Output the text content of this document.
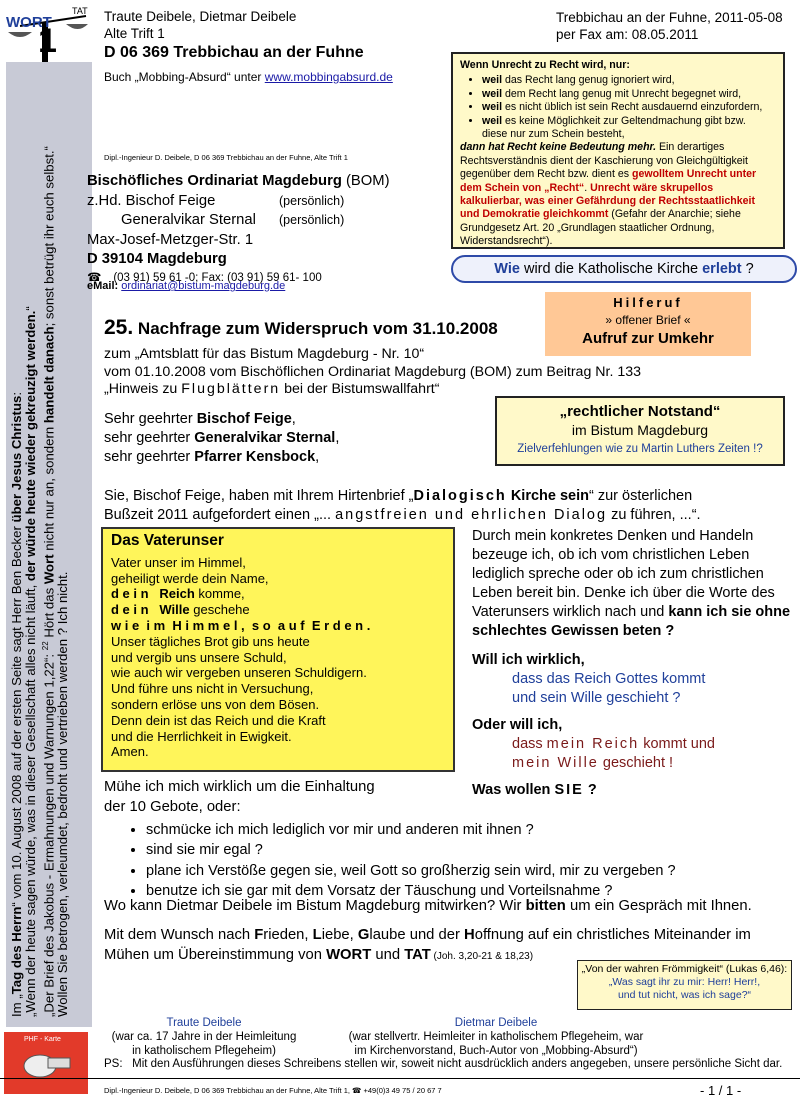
WORT
1
TAT

Im „Tag des Herrn“ vom 10. August 2008 auf der ersten Seite sagt Herr Ben Becker über Jesus Christus:

„Wenn der heute sagen würde, was in dieser Gesellschaft alles nicht läuft, der würde heute wieder gekreuzigt werden.“

„Der Brief des Jakobus - Ermahnungen und Warnungen 1,22“: $^{22}$ Hört das Wort nicht nur an, sondern handelt danach; sonst betrügt ihr euch selbst.“

Wollen Sie betrogen, verleumdet, bedroht und vertrieben werden ? Ich nicht.

PHF - Karte
Traute Deibele, Dietmar Deibele
Alte Trift 1
D 06 369 Trebbichau an der Fuhne
Buch „Mobbing-Absurd“ unter www.mobbingabsurd.de
Trebbichau an der Fuhne, 2011-05-08
per Fax am: 08.05.2011
Wenn Unrecht zu Recht wird, nur:
• weil das Recht lang genug ignoriert wird,
• weil dem Recht lang genug mit Unrecht begegnet wird,
• weil es nicht üblich ist sein Recht ausdauernd einzufordern,
• weil es keine Möglichkeit zur Geltendmachung gibt bzw.
diese nur zum Schein besteht,
dann hat Recht keine Bedeutung mehr. Ein derartiges Rechtsverständnis dient der Kaschierung von Gleichgültigkeit gegenüber dem Recht bzw. dient es gewolltem Unrecht unter dem Schein von „Recht“. Unrecht wäre skrupellos kalkulierbar, was einer Gefährdung der Rechtsstaatlichkeit und Demokratie gleichkommt (Gefahr der Anarchie; siehe Grundgesetz Art. 20 „Grundlagen staatlicher Ordnung, Widerstandsrecht“).
Wie wird die Katholische Kirche erlebt ?
Dipl.-Ingenieur D. Deibele, D 06 369 Trebbichau an der Fuhne, Alte Trift 1
Bischöfliches Ordinariat Magdeburg (BOM)
z.Hd. Bischof Feige	(persönlich)
Generalvikar Sternal (persönlich)
Max-Josef-Metzger-Str. 1
D 39104 Magdeburg
☎ (03 91) 59 61 -0; Fax: (03 91) 59 61- 100
eMail: ordinariat@bistum-magdeburg.de
Hilferuf
» offener Brief «
Aufruf zur Umkehr
25. Nachfrage zum Widerspruch vom 31.10.2008
zum „Amtsblatt für das Bistum Magdeburg - Nr. 10“
vom 01.10.2008 vom Bischöflichen Ordinariat Magdeburg (BOM) zum Beitrag Nr. 133
„Hinweis zu Flugblättern bei der Bistumswallfahrt“
„rechtlicher Notstand“
im Bistum Magdeburg
Zielverfehlungen wie zu Martin Luthers Zeiten !?
Sehr geehrter Bischof Feige,
sehr geehrter Generalvikar Sternal,
sehr geehrter Pfarrer Kensbock,
Sie, Bischof Feige, haben mit Ihrem Hirtenbrief „Dialogisch Kirche sein“ zur österlichen
Bußzeit 2011 aufgefordert einen „... angstfreien und ehrlichen Dialog zu führen, ...“.
Das Vaterunser
Vater unser im Himmel,
geheiligt werde dein Name,
d e i n Reich komme,
d e i n Wille geschehe
w i e  i m  H i m m e l ,  s o  a u f  E r d e n .
Unser tägliches Brot gib uns heute
und vergib uns unsere Schuld,
wie auch wir vergeben unseren Schuldigern.
Und führe uns nicht in Versuchung,
sondern erlöse uns von dem Bösen.
Denn dein ist das Reich und die Kraft
und die Herrlichkeit in Ewigkeit.
Amen.
Durch mein konkretes Denken und Handeln bezeuge ich, ob ich vom christlichen Leben lediglich spreche oder ob ich zum christlichen Leben bereit bin. Denke ich über die Worte des Vaterunsers wirklich nach und kann ich sie ohne schlechtes Gewissen beten ?
Will ich wirklich,
dass das Reich Gottes kommt
und sein Wille geschieht ?
Oder will ich,
dass mein Reich kommt und
mein Wille geschieht !
Was wollen SIE ?
Mühe ich mich wirklich um die Einhaltung
der 10 Gebote, oder:
• schmücke ich mich lediglich vor mir und anderen mit ihnen ?
• sind sie mir egal ?
• plane ich Verstöße gegen sie, weil Gott so großherzig sein wird, mir zu vergeben ?
• benutze ich sie gar mit dem Vorsatz der Täuschung und Vorteilsnahme ?
Wo kann Dietmar Deibele im Bistum Magdeburg mitwirken? Wir bitten um ein Gespräch mit Ihnen.
Mit dem Wunsch nach Frieden, Liebe, Glaube und der Hoffnung auf ein christliches Miteinander im
Mühen um Übereinstimmung von WORT und TAT (Joh. 3,20-21 & 18,23)
„Von der wahren Frömmigkeit“ (Lukas 6,46):
„Was sagt ihr zu mir: Herr! Herr!,
und tut nicht, was ich sage?“
Traute Deibele
(war ca. 17 Jahre in der Heimleitung
in katholischem Pflegeheim)
Dietmar Deibele
(war stellvertr. Heimleiter in katholischem Pflegeheim, war
im Kirchenvorstand, Buch-Autor von „Mobbing-Absurd“)
PS: Mit den Ausführungen dieses Schreibens stellen wir, soweit nicht ausdrücklich anders angegeben, unsere persönliche Sicht dar.
Dipl.-Ingenieur D. Deibele, D 06 369 Trebbichau an der Fuhne, Alte Trift 1, ☎ +49(0)3 49 75 / 20 67 7	- 1 / 1 -
